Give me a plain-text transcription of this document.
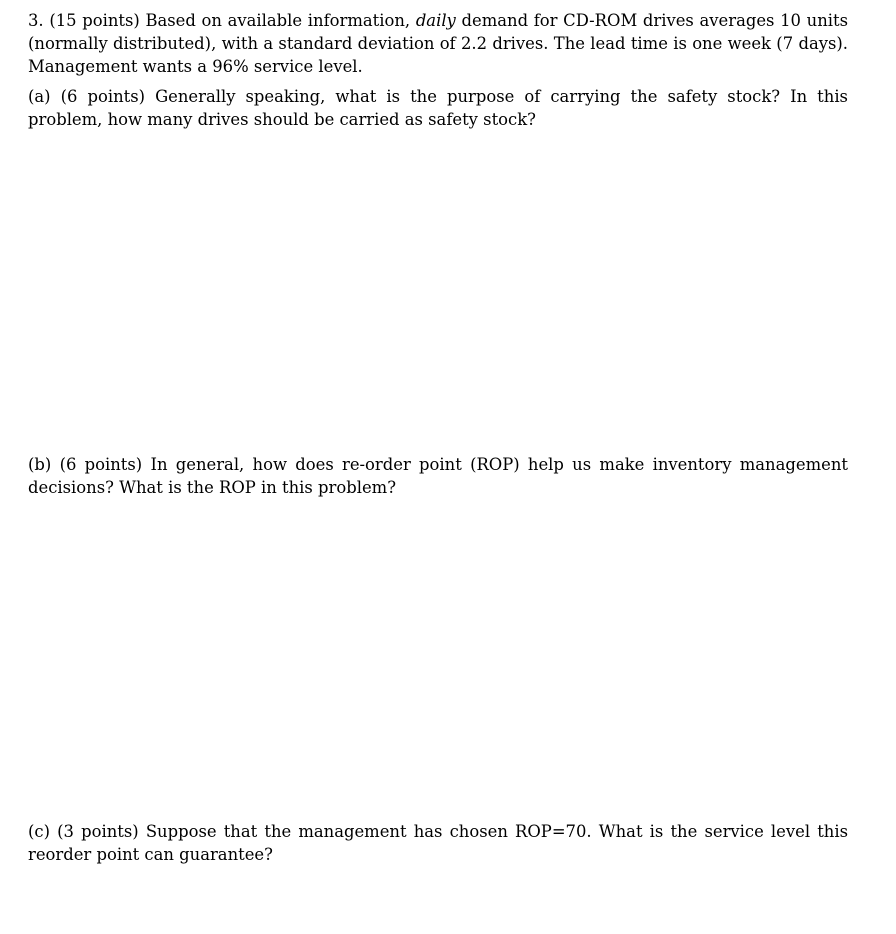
3. (15 points) Based on available information, daily demand for CD-ROM drives averages 10 units (normally distributed), with a standard deviation of 2.2 drives. The lead time is one week (7 days). Management wants a 96% service level.

(a) (6 points) Generally speaking, what is the purpose of carrying the safety stock? In this problem, how many drives should be carried as safety stock?

(b) (6 points) In general, how does re-order point (ROP) help us make inventory management decisions? What is the ROP in this problem?

(c) (3 points) Suppose that the management has chosen ROP=70. What is the service level this reorder point can guarantee?
